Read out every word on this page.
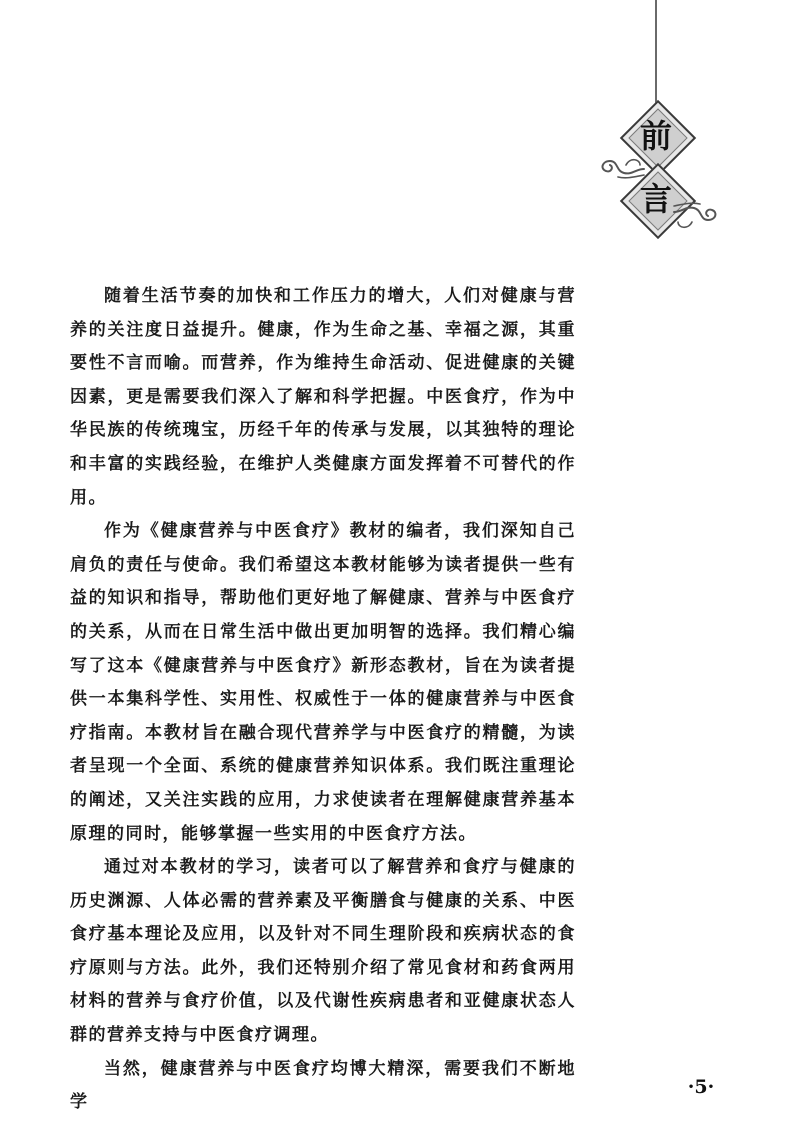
前
言

随着生活节奏的加快和工作压力的增大，人们对健康与营养的关注度日益提升。健康，作为生命之基、幸福之源，其重要性不言而喻。而营养，作为维持生命活动、促进健康的关键因素，更是需要我们深入了解和科学把握。中医食疗，作为中华民族的传统瑰宝，历经千年的传承与发展，以其独特的理论和丰富的实践经验，在维护人类健康方面发挥着不可替代的作用。

作为《健康营养与中医食疗》教材的编者，我们深知自己肩负的责任与使命。我们希望这本教材能够为读者提供一些有益的知识和指导，帮助他们更好地了解健康、营养与中医食疗的关系，从而在日常生活中做出更加明智的选择。我们精心编写了这本《健康营养与中医食疗》新形态教材，旨在为读者提供一本集科学性、实用性、权威性于一体的健康营养与中医食疗指南。本教材旨在融合现代营养学与中医食疗的精髓，为读者呈现一个全面、系统的健康营养知识体系。我们既注重理论的阐述，又关注实践的应用，力求使读者在理解健康营养基本原理的同时，能够掌握一些实用的中医食疗方法。

通过对本教材的学习，读者可以了解营养和食疗与健康的历史渊源、人体必需的营养素及平衡膳食与健康的关系、中医食疗基本理论及应用，以及针对不同生理阶段和疾病状态的食疗原则与方法。此外，我们还特别介绍了常见食材和药食两用材料的营养与食疗价值，以及代谢性疾病患者和亚健康状态人群的营养支持与中医食疗调理。

当然，健康营养与中医食疗均博大精深，需要我们不断地学

·5·
